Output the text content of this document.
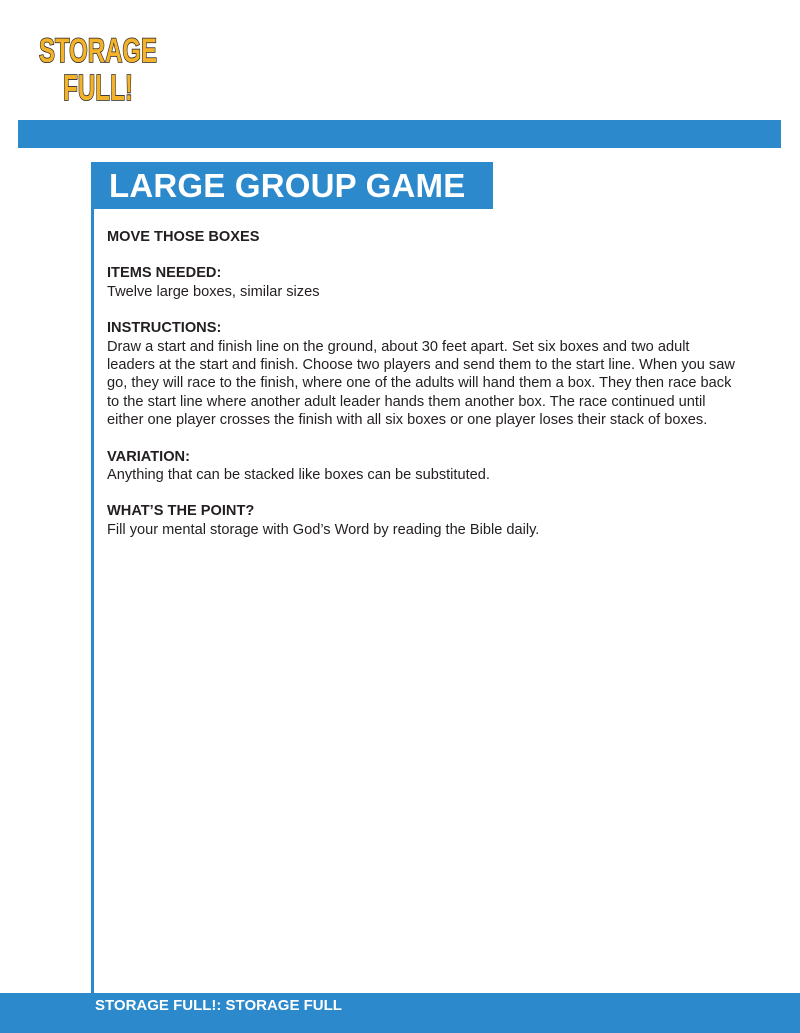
STORAGE
FULL!
LARGE GROUP GAME
MOVE THOSE BOXES
ITEMS NEEDED:
Twelve large boxes, similar sizes
INSTRUCTIONS:
Draw a start and finish line on the ground, about 30 feet apart. Set six boxes and two adult leaders at the start and finish. Choose two players and send them to the start line. When you saw go, they will race to the finish, where one of the adults will hand them a box. They then race back to the start line where another adult leader hands them another box. The race continued until either one player crosses the finish with all six boxes or one player loses their stack of boxes.
VARIATION:
Anything that can be stacked like boxes can be substituted.
WHAT’S THE POINT?
Fill your mental storage with God’s Word by reading the Bible daily.
STORAGE FULL!: STORAGE FULL
